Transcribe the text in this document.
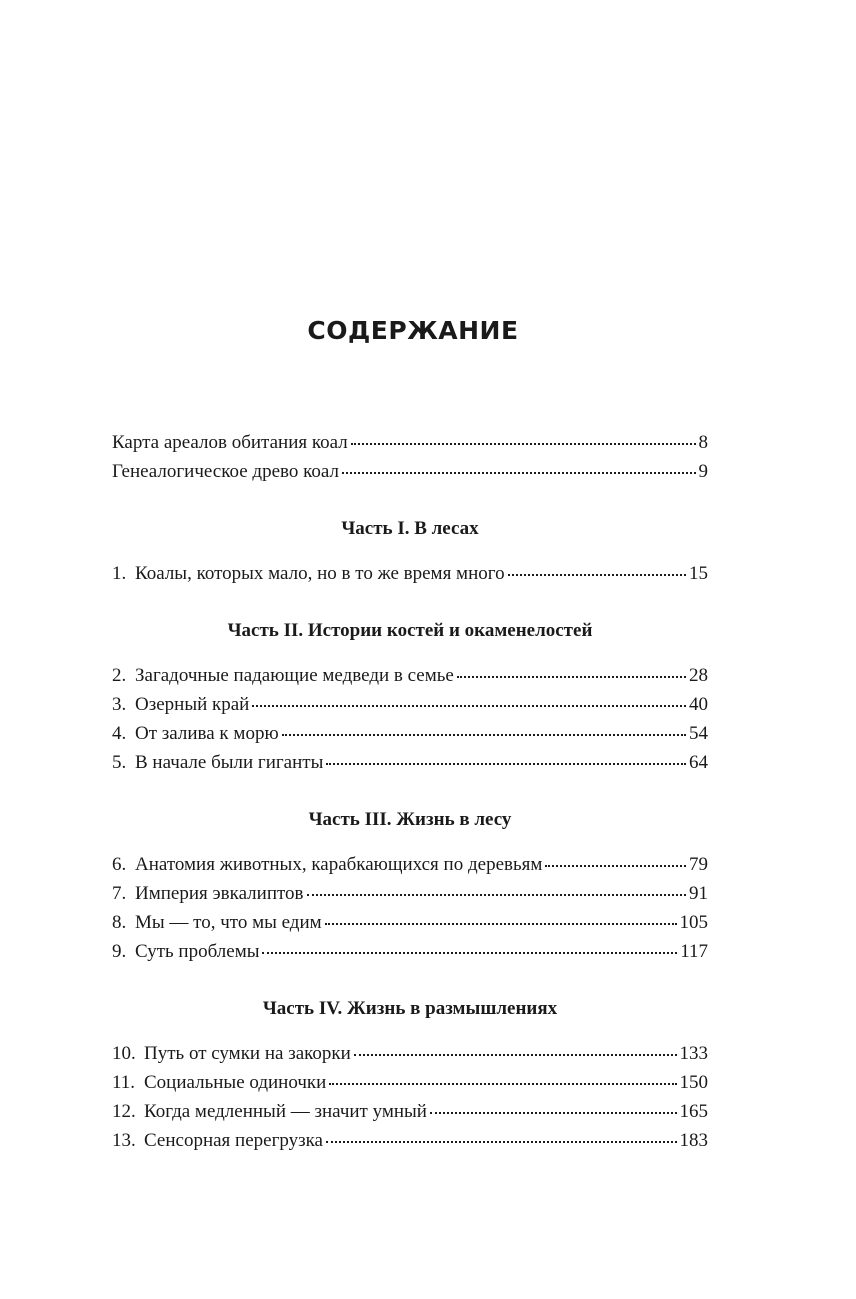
СОДЕРЖАНИЕ
Карта ареалов обитания коал	8
Генеалогическое древо коал	9
Часть I. В лесах
1. Коалы, которых мало, но в то же время много	15
Часть II. Истории костей и окаменелостей
2. Загадочные падающие медведи в семье	28
3. Озерный край	40
4. От залива к морю	54
5. В начале были гиганты	64
Часть III. Жизнь в лесу
6. Анатомия животных, карабкающихся по деревьям	79
7. Империя эвкалиптов	91
8. Мы — то, что мы едим	105
9. Суть проблемы	117
Часть IV. Жизнь в размышлениях
10. Путь от сумки на закорки	133
11. Социальные одиночки	150
12. Когда медленный — значит умный	165
13. Сенсорная перегрузка	183
